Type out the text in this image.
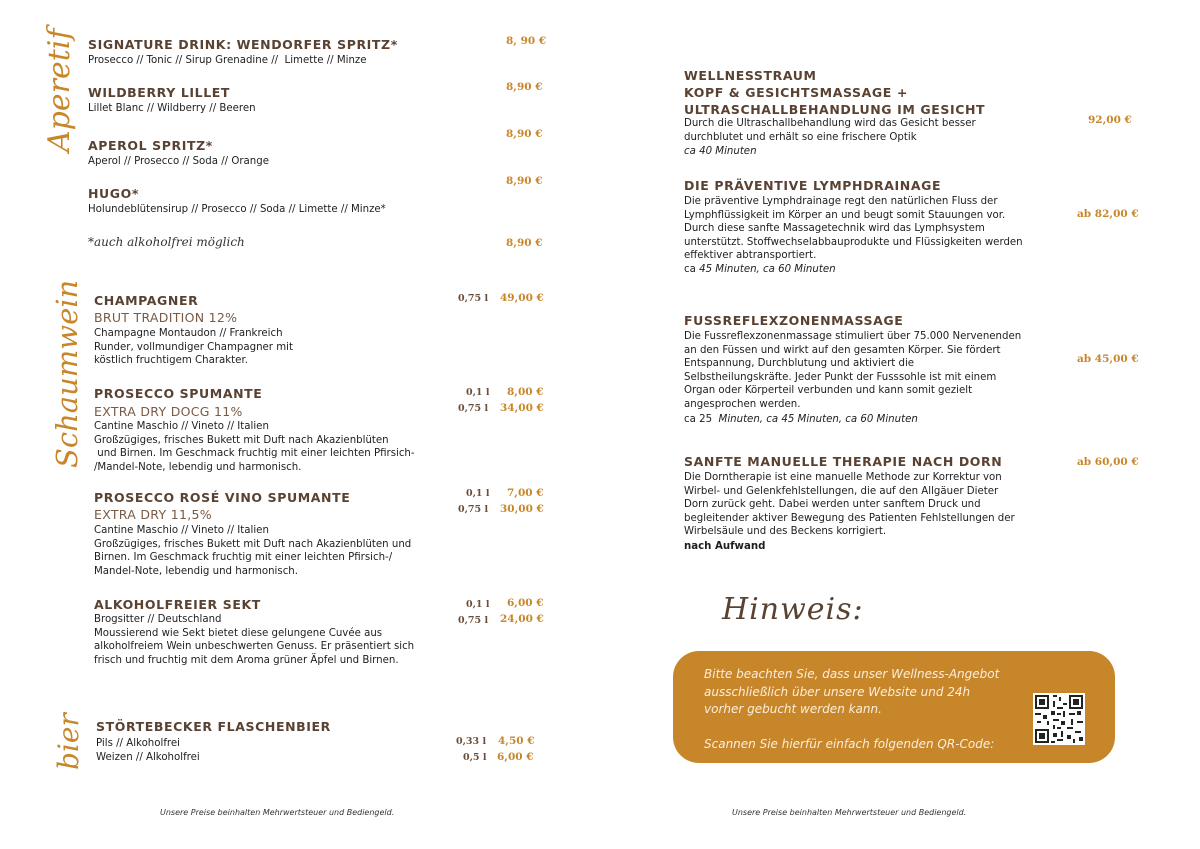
Aperetif
Schaumwein
bier
SIGNATURE DRINK: WENDORFER SPRITZ*
Prosecco // Tonic // Sirup Grenadine //  Limette // Minze
8, 90 €
WILDBERRY LILLET
Lillet Blanc // Wildberry // Beeren
8,90 €
APEROL SPRITZ*
Aperol // Prosecco // Soda // Orange
8,90 €
HUGO*
Holundeblütensirup // Prosecco // Soda // Limette // Minze*
8,90 €
*auch alkoholfrei möglich	8,90 €
CHAMPAGNER
BRUT TRADITION 12%
Champagne Montaudon // Frankreich
Runder, vollmundiger Champagner mit
köstlich fruchtigem Charakter.
0,75 l 49,00 €
PROSECCO SPUMANTE
EXTRA DRY DOCG 11%
Cantine Maschio // Vineto // Italien
Großzügiges, frisches Bukett mit Duft nach Akazienblüten
und Birnen. Im Geschmack fruchtig mit einer leichten Pfirsich-
/Mandel-Note, lebendig und harmonisch.
0,1 l
0,75 l
8,00 €
34,00 €
PROSECCO ROSÉ VINO SPUMANTE
EXTRA DRY 11,5%
Cantine Maschio // Vineto // Italien
Großzügiges, frisches Bukett mit Duft nach Akazienblüten und
Birnen. Im Geschmack fruchtig mit einer leichten Pfirsich-/
Mandel-Note, lebendig und harmonisch.
0,1 l
0,75 l
7,00 €
30,00 €
ALKOHOLFREIER SEKT
Brogsitter // Deutschland
Moussierend wie Sekt bietet diese gelungene Cuvée aus
alkoholfreiem Wein unbeschwerten Genuss. Er präsentiert sich
frisch und fruchtig mit dem Aroma grüner Äpfel und Birnen.
0,1 l
0,75 l
6,00 €
24,00 €
STÖRTEBECKER FLASCHENBIER
Pils // Alkoholfrei
Weizen // Alkoholfrei
0,33 l
0,5 l
4,50 €
6,00 €
Unsere Preise beinhalten Mehrwertsteuer und Bediengeld.
WELLNESSTRAUM
KOPF & GESICHTSMASSAGE +
ULTRASCHALLBEHANDLUNG IM GESICHT
Durch die Ultraschallbehandlung wird das Gesicht besser
durchblutet und erhält so eine frischere Optik
ca 40 Minuten
92,00 €
DIE PRÄVENTIVE LYMPHDRAINAGE
Die präventive Lymphdrainage regt den natürlichen Fluss der
Lymphflüssigkeit im Körper an und beugt somit Stauungen vor.
Durch diese sanfte Massagetechnik wird das Lymphsystem
unterstützt. Stoffwechselabbauprodukte und Flüssigkeiten werden
effektiver abtransportiert.
ca 45 Minuten, ca 60 Minuten
ab 82,00 €
FUSSREFLEXZONENMASSAGE
Die Fussreflexzonenmassage stimuliert über 75.000 Nervenenden
an den Füssen und wirkt auf den gesamten Körper. Sie fördert
Entspannung, Durchblutung und aktiviert die
Selbstheilungskräfte. Jeder Punkt der Fusssohle ist mit einem
Organ oder Körperteil verbunden und kann somit gezielt
angesprochen werden.
ca 25  Minuten, ca 45 Minuten, ca 60 Minuten
ab 45,00 €
SANFTE MANUELLE THERAPIE NACH DORN
Die Dorntherapie ist eine manuelle Methode zur Korrektur von
Wirbel- und Gelenkfehlstellungen, die auf den Allgäuer Dieter
Dorn zurück geht. Dabei werden unter sanftem Druck und
begleitender aktiver Bewegung des Patienten Fehlstellungen der
Wirbelsäule und des Beckens korrigiert.
nach Aufwand
ab 60,00 €
Hinweis:
Bitte beachten Sie, dass unser Wellness-Angebot
ausschließlich über unsere Website und 24h
vorher gebucht werden kann.

Scannen Sie hierfür einfach folgenden QR-Code:
Unsere Preise beinhalten Mehrwertsteuer und Bediengeld.
